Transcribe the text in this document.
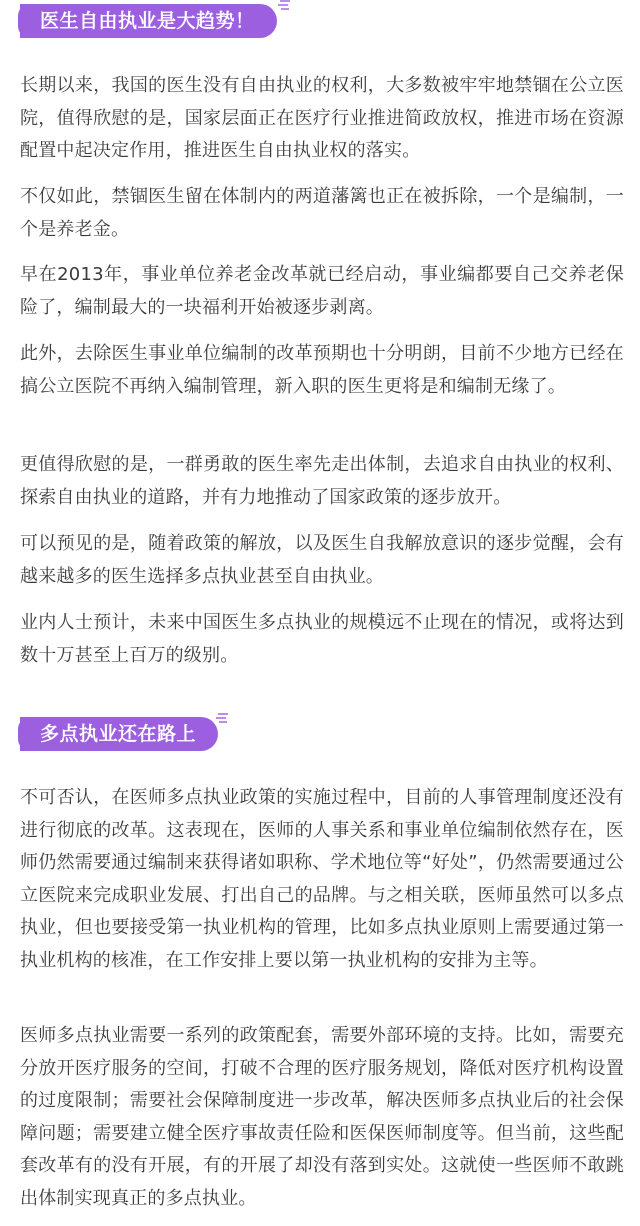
医生自由执业是大趋势！

长期以来，我国的医生没有自由执业的权利，大多数被牢牢地禁锢在公立医院，值得欣慰的是，国家层面正在医疗行业推进简政放权，推进市场在资源配置中起决定作用，推进医生自由执业权的落实。

不仅如此，禁锢医生留在体制内的两道藩篱也正在被拆除，一个是编制，一个是养老金。

早在2013年，事业单位养老金改革就已经启动，事业编都要自己交养老保险了，编制最大的一块福利开始被逐步剥离。

此外，去除医生事业单位编制的改革预期也十分明朗，目前不少地方已经在搞公立医院不再纳入编制管理，新入职的医生更将是和编制无缘了。

更值得欣慰的是，一群勇敢的医生率先走出体制，去追求自由执业的权利、探索自由执业的道路，并有力地推动了国家政策的逐步放开。

可以预见的是，随着政策的解放，以及医生自我解放意识的逐步觉醒，会有越来越多的医生选择多点执业甚至自由执业。

业内人士预计，未来中国医生多点执业的规模远不止现在的情况，或将达到数十万甚至上百万的级别。

多点执业还在路上

不可否认，在医师多点执业政策的实施过程中，目前的人事管理制度还没有进行彻底的改革。这表现在，医师的人事关系和事业单位编制依然存在，医师仍然需要通过编制来获得诸如职称、学术地位等“好处”，仍然需要通过公立医院来完成职业发展、打出自己的品牌。与之相关联，医师虽然可以多点执业，但也要接受第一执业机构的管理，比如多点执业原则上需要通过第一执业机构的核准，在工作安排上要以第一执业机构的安排为主等。

医师多点执业需要一系列的政策配套，需要外部环境的支持。比如，需要充分放开医疗服务的空间，打破不合理的医疗服务规划，降低对医疗机构设置的过度限制；需要社会保障制度进一步改革，解决医师多点执业后的社会保障问题；需要建立健全医疗事故责任险和医保医师制度等。但当前，这些配套改革有的没有开展，有的开展了却没有落到实处。这就使一些医师不敢跳出体制实现真正的多点执业。
